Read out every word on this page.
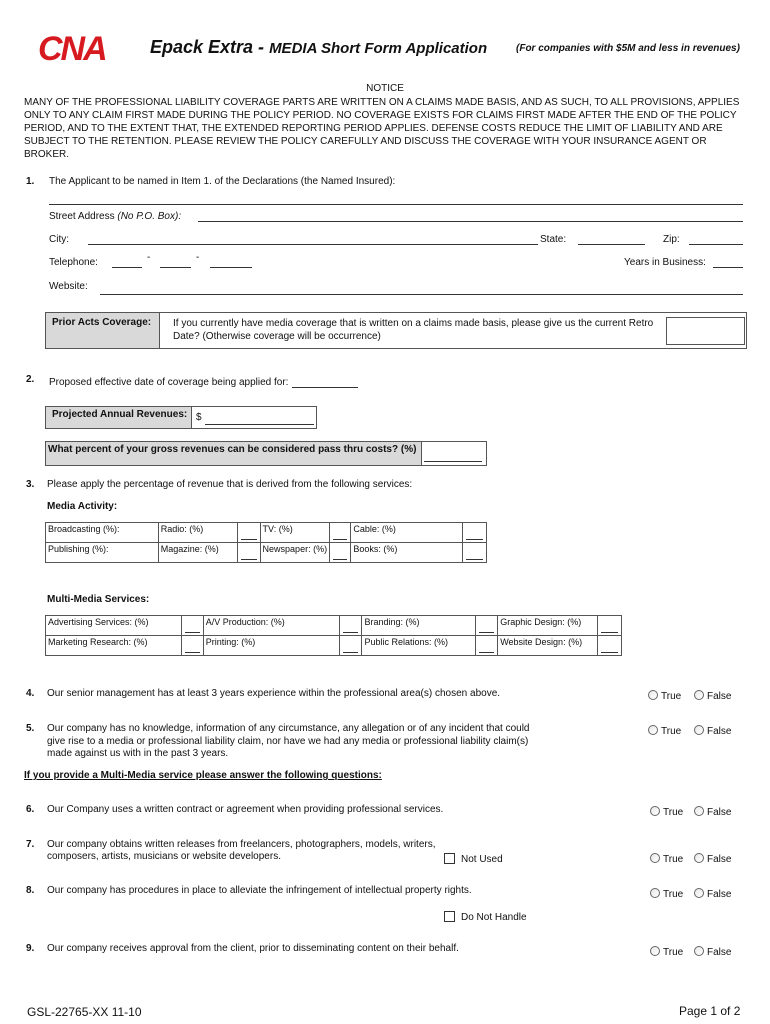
CNA Epack Extra - MEDIA Short Form Application	(For companies with $5M and less in revenues)
NOTICE
MANY OF THE PROFESSIONAL LIABILITY COVERAGE PARTS ARE WRITTEN ON A CLAIMS MADE BASIS, AND AS SUCH, TO ALL PROVISIONS, APPLIES ONLY TO ANY CLAIM FIRST MADE DURING THE POLICY PERIOD. NO COVERAGE EXISTS FOR CLAIMS FIRST MADE AFTER THE END OF THE POLICY PERIOD, AND TO THE EXTENT THAT, THE EXTENDED REPORTING PERIOD APPLIES. DEFENSE COSTS REDUCE THE LIMIT OF LIABILITY AND ARE SUBJECT TO THE RETENTION. PLEASE REVIEW THE POLICY CAREFULLY AND DISCUSS THE COVERAGE WITH YOUR INSURANCE AGENT OR BROKER.
1. The Applicant to be named in Item 1. of the Declarations (the Named Insured):
Street Address (No P.O. Box):
City:	State:	Zip:
Telephone:	-	-	Years in Business:
Website:
Prior Acts Coverage: If you currently have media coverage that is written on a claims made basis, please give us the current Retro Date? (Otherwise coverage will be occurrence)
2. Proposed effective date of coverage being applied for:
Projected Annual Revenues: $
What percent of your gross revenues can be considered pass thru costs? (%)
3. Please apply the percentage of revenue that is derived from the following services:
Media Activity:
Broadcasting (%):	Radio: (%)		TV: (%)		Cable: (%)	

Publishing (%):	Magazine: (%)		Newspaper: (%)		Books: (%)	
Multi-Media Services:
Advertising Services: (%)		A/V Production: (%)		Branding: (%)		Graphic Design: (%)	

Marketing Research: (%)		Printing: (%)		Public Relations: (%)		Website Design: (%)	
4. Our senior management has at least 3 years experience within the professional area(s) chosen above.	True	False
5. Our company has no knowledge, information of any circumstance, any allegation or of any incident that could
give rise to a media or professional liability claim, nor have we had any media or professional liability claim(s)
made against us with in the past 3 years.
True	False
If you provide a Multi-Media service please answer the following questions:
6. Our Company uses a written contract or agreement when providing professional services.	True	False
7. Our company obtains written releases from freelancers, photographers, models, writers,
composers, artists, musicians or website developers.	Not Used	True	False
8. Our company has procedures in place to alleviate the infringement of intellectual property rights.	True	False
Do Not Handle
9. Our company receives approval from the client, prior to disseminating content on their behalf.	True	False
GSL-22765-XX 11-10	Page 1 of 2
